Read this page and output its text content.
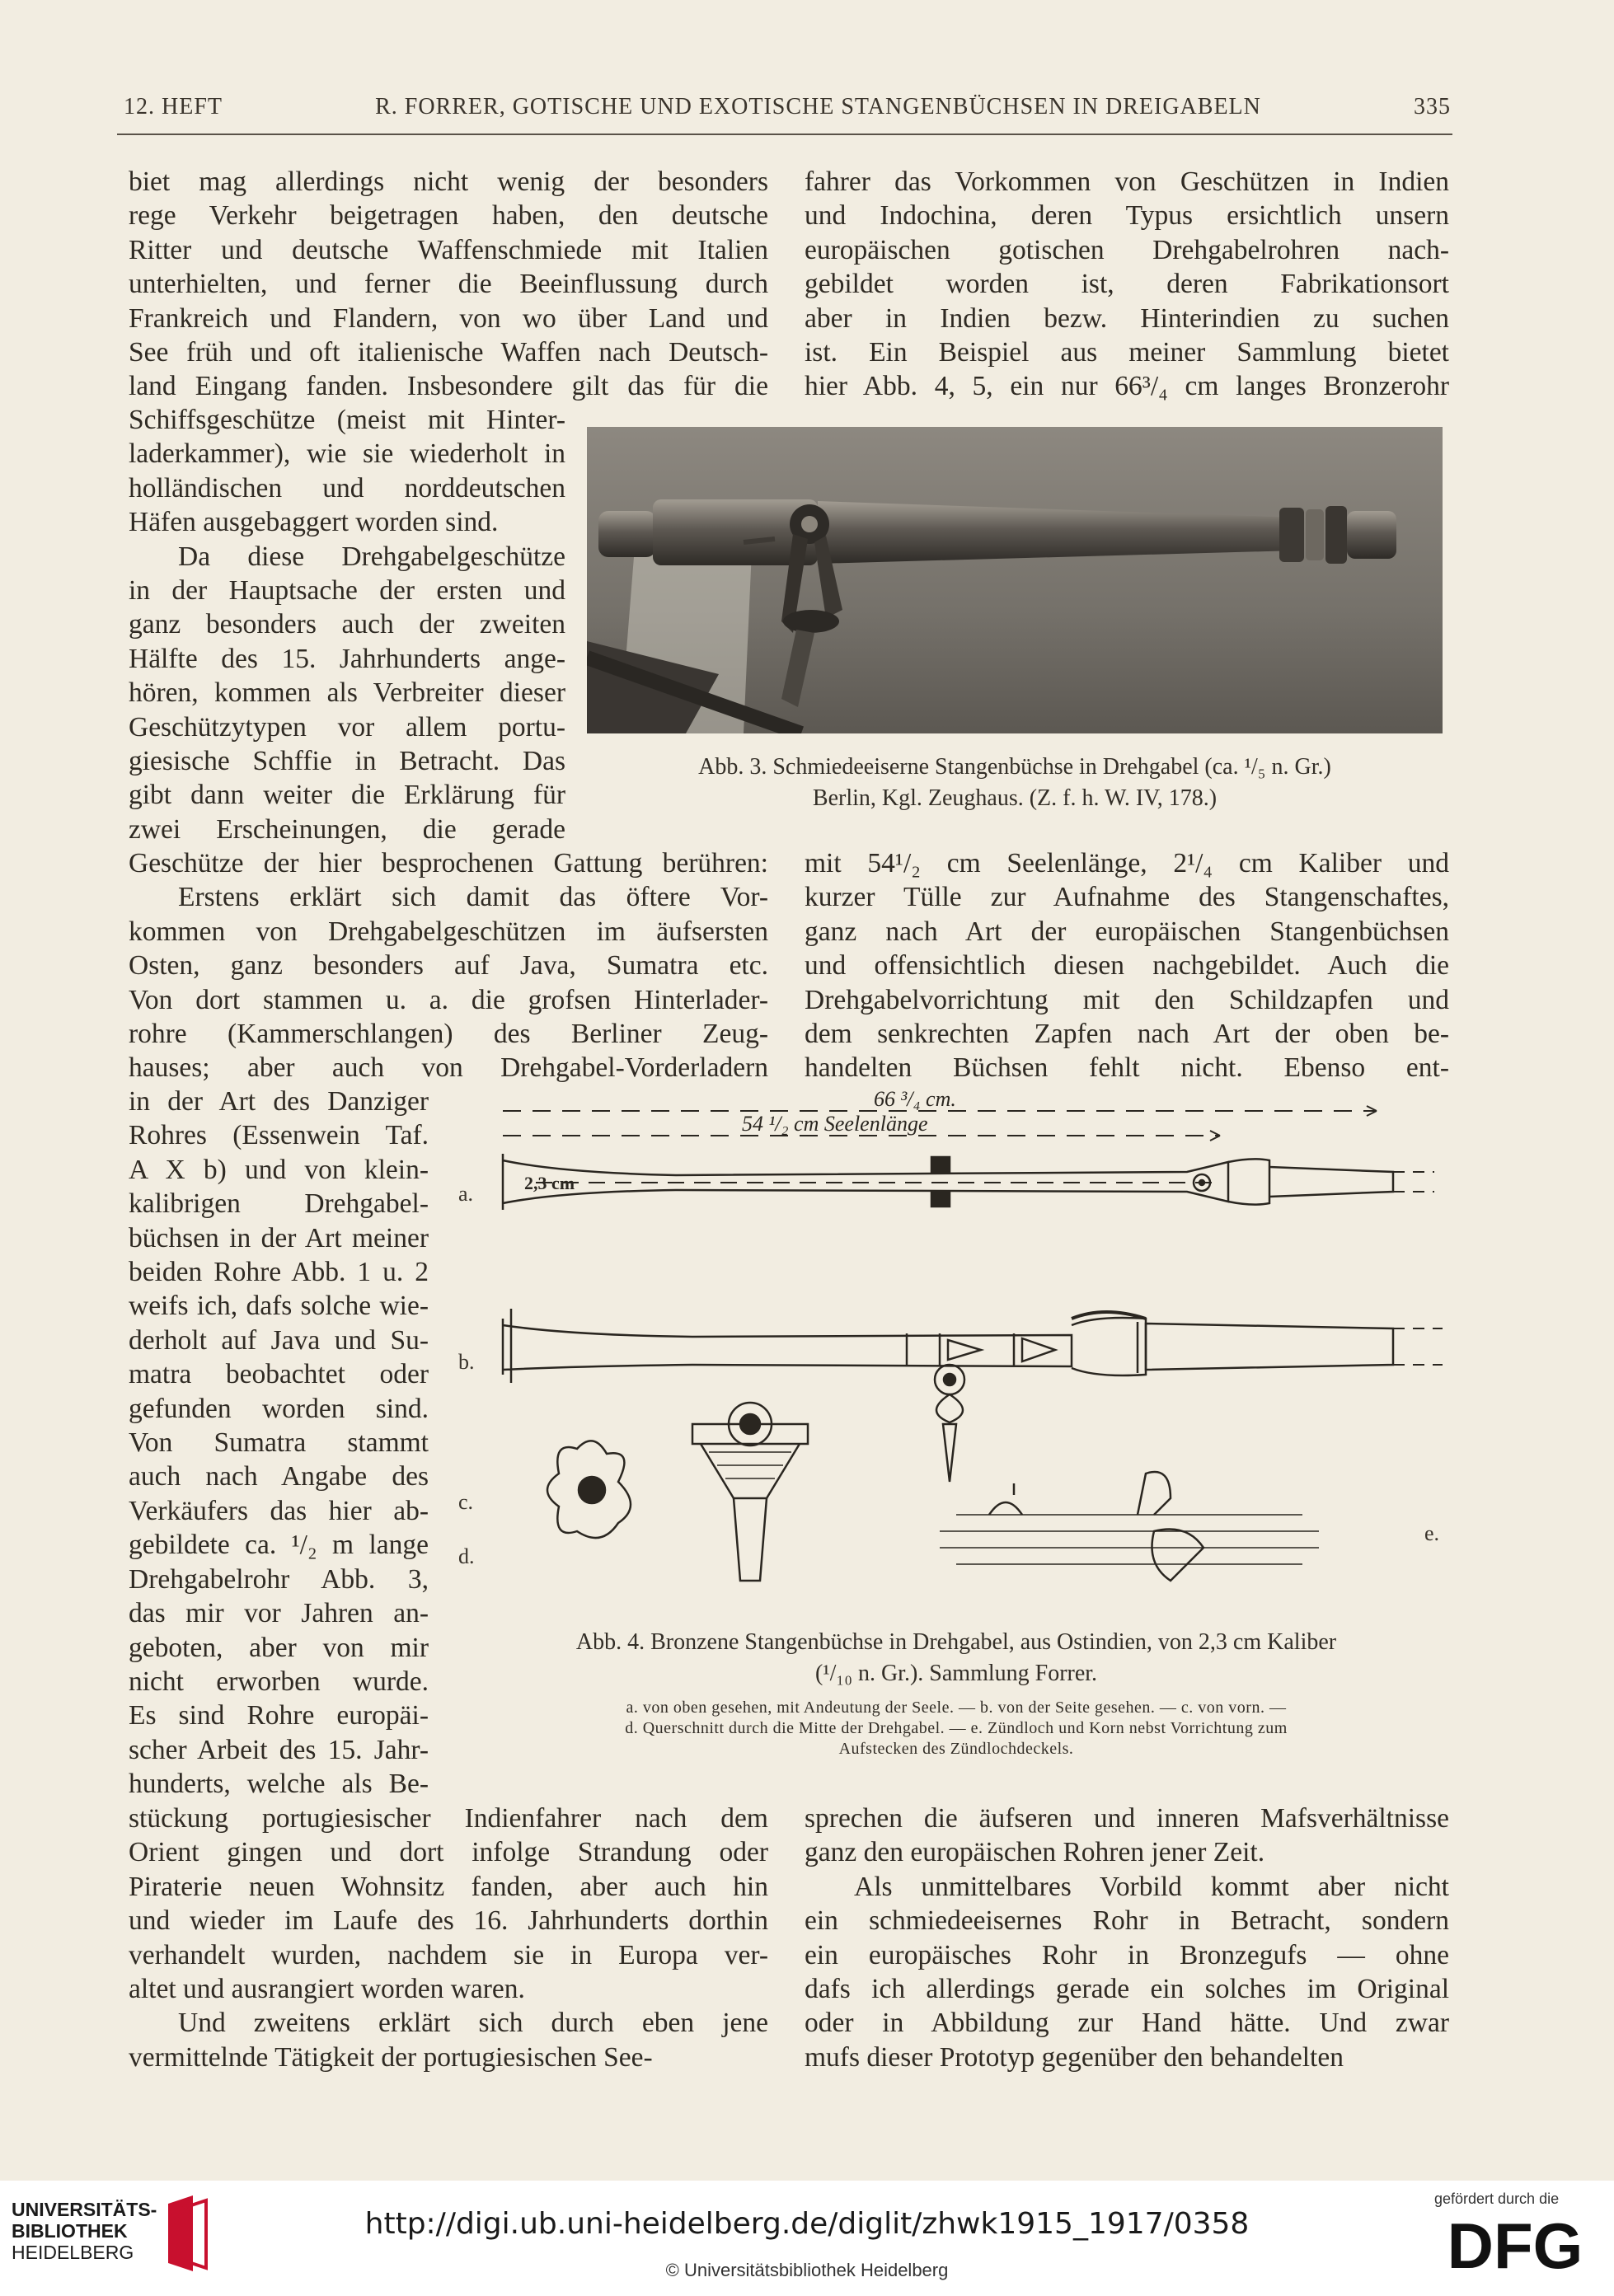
12. HEFT	R. FORRER, GOTISCHE UND EXOTISCHE STANGENBÜCHSEN IN DREIGABELN	335
biet mag allerdings nicht wenig der besonders
rege Verkehr beigetragen haben, den deutsche
Ritter und deutsche Waffenschmiede mit Italien
unterhielten, und ferner die Beeinflussung durch
Frankreich und Flandern, von wo über Land und
See früh und oft italienische Waffen nach Deutsch-
land Eingang fanden. Insbesondere gilt das für die
Schiffsgeschütze (meist mit Hinter-
laderkammer), wie sie wiederholt in
holländischen und norddeutschen
Häfen ausgebaggert worden sind.
Da diese Drehgabelgeschütze
in der Hauptsache der ersten und
ganz besonders auch der zweiten
Hälfte des 15. Jahrhunderts ange-
hören, kommen als Verbreiter dieser
Geschützytypen vor allem portu-
giesische Schffie in Betracht. Das
gibt dann weiter die Erklärung für
zwei Erscheinungen, die gerade
Geschütze der hier besprochenen Gattung berühren:
Erstens erklärt sich damit das öftere Vor-
kommen von Drehgabelgeschützen im äufsersten
Osten, ganz besonders auf Java, Sumatra etc.
Von dort stammen u. a. die grofsen Hinterlader-
rohre (Kammerschlangen) des Berliner Zeug-
hauses; aber auch von Drehgabel-Vorderladern
in der Art des Danziger
Rohres (Essenwein Taf.
A X b) und von klein-
kalibrigen Drehgabel-
büchsen in der Art meiner
beiden Rohre Abb. 1 u. 2
weifs ich, dafs solche wie-
derholt auf Java und Su-
matra beobachtet oder
gefunden worden sind.
Von Sumatra stammt
auch nach Angabe des
Verkäufers das hier ab-
gebildete ca. ¹/₂ m lange
Drehgabelrohr Abb. 3,
das mir vor Jahren an-
geboten, aber von mir
nicht erworben wurde.
Es sind Rohre europäi-
scher Arbeit des 15. Jahr-
hunderts, welche als Be-
stückung portugiesischer Indienfahrer nach dem
Orient gingen und dort infolge Strandung oder
Piraterie neuen Wohnsitz fanden, aber auch hin
und wieder im Laufe des 16. Jahrhunderts dorthin
verhandelt wurden, nachdem sie in Europa ver-
altet und ausrangiert worden waren.
Und zweitens erklärt sich durch eben jene
vermittelnde Tätigkeit der portugiesischen See-
fahrer das Vorkommen von Geschützen in Indien
und Indochina, deren Typus ersichtlich unsern
europäischen gotischen Drehgabelrohren nach-
gebildet worden ist, deren Fabrikationsort
aber in Indien bezw. Hinterindien zu suchen
ist. Ein Beispiel aus meiner Sammlung bietet
hier Abb. 4, 5, ein nur 66³/₄ cm langes Bronzerohr
mit 54¹/₂ cm Seelenlänge, 2¹/₄ cm Kaliber und
kurzer Tülle zur Aufnahme des Stangenschaftes,
ganz nach Art der europäischen Stangenbüchsen
und offensichtlich diesen nachgebildet. Auch die
Drehgabelvorrichtung mit den Schildzapfen und
dem senkrechten Zapfen nach Art der oben be-
handelten Büchsen fehlt nicht. Ebenso ent-
sprechen die äufseren und inneren Mafsverhältnisse
ganz den europäischen Rohren jener Zeit.
Als unmittelbares Vorbild kommt aber nicht
ein schmiedeeisernes Rohr in Betracht, sondern
ein europäisches Rohr in Bronzegufs — ohne
dafs ich allerdings gerade ein solches im Original
oder in Abbildung zur Hand hätte. Und zwar
mufs dieser Prototyp gegenüber den behandelten
Abb. 3. Schmiedeeiserne Stangenbüchse in Drehgabel (ca. ¹/₅ n. Gr.)
Berlin, Kgl. Zeughaus. (Z. f. h. W. IV, 178.)
66 ³/₄ cm.
54 ¹/₂ cm Seelenlänge
2,3 cm
a.
b.
c.
d.
e.
Abb. 4. Bronzene Stangenbüchse in Drehgabel, aus Ostindien, von 2,3 cm Kaliber
(¹/₁₀ n. Gr.). Sammlung Forrer.
a. von oben gesehen, mit Andeutung der Seele. — b. von der Seite gesehen. — c. von vorn. —
d. Querschnitt durch die Mitte der Drehgabel. — e. Zündloch und Korn nebst Vorrichtung zum
Aufstecken des Zündlochdeckels.
UNIVERSITÄTS-
BIBLIOTHEK
HEIDELBERG
http://digi.ub.uni-heidelberg.de/diglit/zhwk1915_1917/0358
© Universitätsbibliothek Heidelberg
gefördert durch die
DFG
